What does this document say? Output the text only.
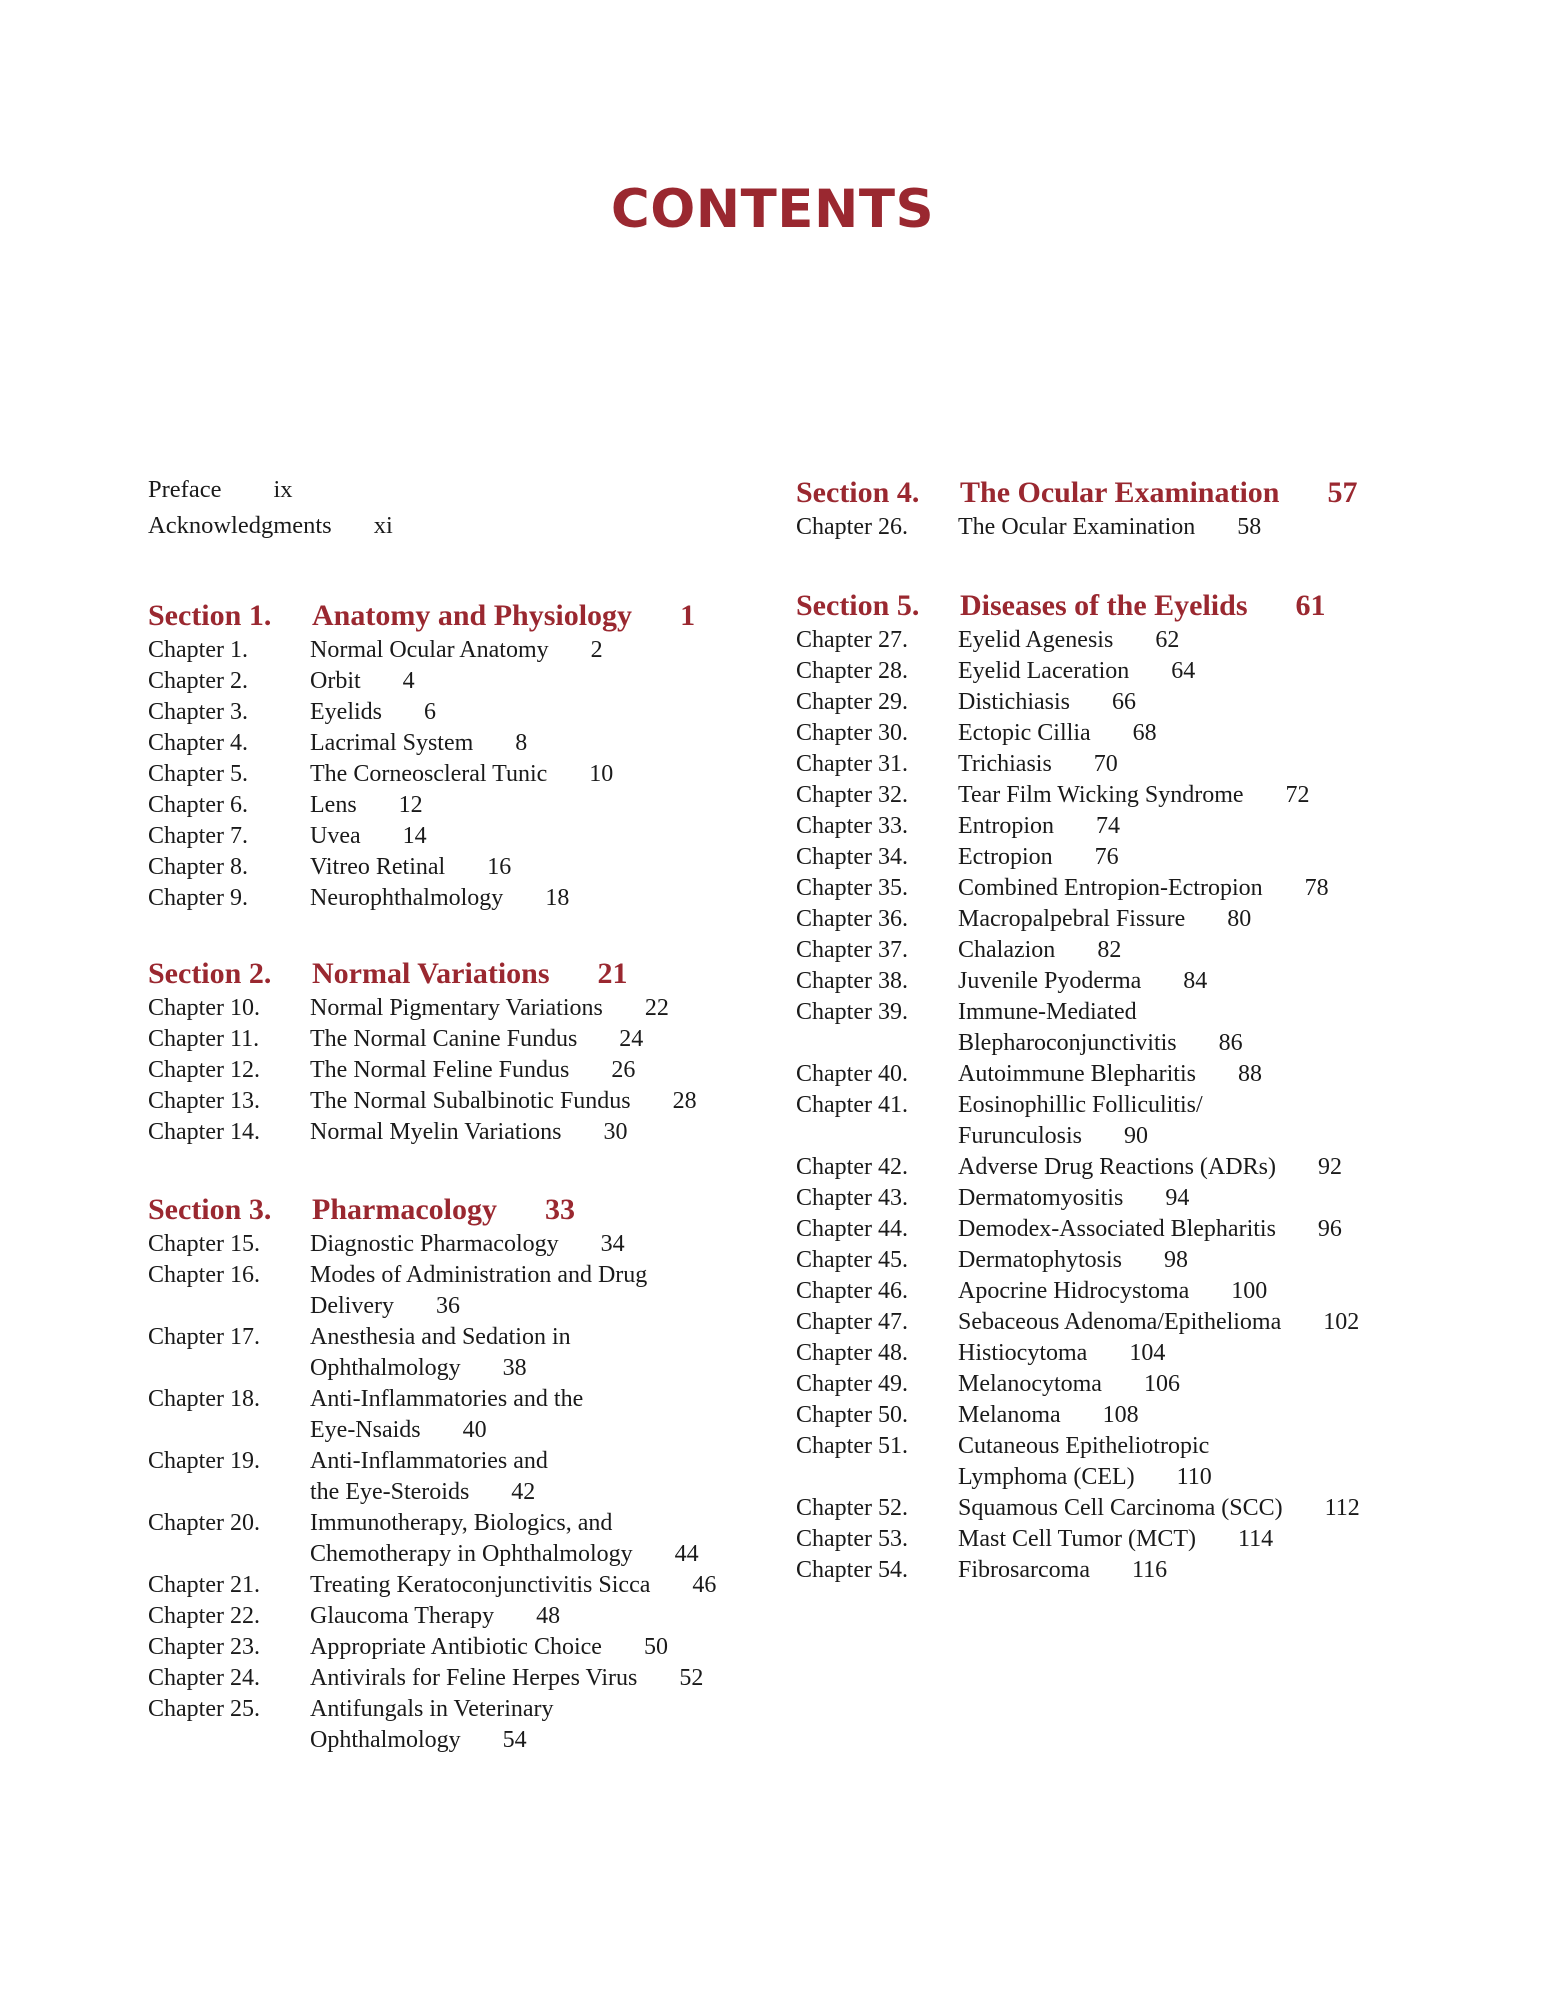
CONTENTS
Preface ix
Acknowledgments xi
Section 1. Anatomy and Physiology 1
Chapter 1.	Normal Ocular Anatomy 2
Chapter 2.	Orbit 4
Chapter 3.	Eyelids 6
Chapter 4.	Lacrimal System 8
Chapter 5.	The Corneoscleral Tunic 10
Chapter 6.	Lens 12
Chapter 7.	Uvea 14
Chapter 8.	Vitreo Retinal 16
Chapter 9.	Neurophthalmology 18
Section 2. Normal Variations 21
Chapter 10. Normal Pigmentary Variations 22
Chapter 11. The Normal Canine Fundus 24
Chapter 12. The Normal Feline Fundus 26
Chapter 13. The Normal Subalbinotic Fundus 28
Chapter 14. Normal Myelin Variations 30
Section 3. Pharmacology 33
Chapter 15. Diagnostic Pharmacology 34
Chapter 16. Modes of Administration and Drug
Delivery 36
Chapter 17. Anesthesia and Sedation in
Ophthalmology 38
Chapter 18. Anti-Inflammatories and the
Eye-Nsaids 40
Chapter 19. Anti-Inflammatories and
the Eye-Steroids 42
Chapter 20. Immunotherapy, Biologics, and
Chemotherapy in Ophthalmology 44
Chapter 21. Treating Keratoconjunctivitis Sicca 46
Chapter 22. Glaucoma Therapy 48
Chapter 23. Appropriate Antibiotic Choice 50
Chapter 24. Antivirals for Feline Herpes Virus 52
Chapter 25. Antifungals in Veterinary
Ophthalmology 54
Section 4. The Ocular Examination 57
Chapter 26. The Ocular Examination 58
Section 5. Diseases of the Eyelids 61
Chapter 27. Eyelid Agenesis 62
Chapter 28. Eyelid Laceration 64
Chapter 29. Distichiasis 66
Chapter 30. Ectopic Cillia 68
Chapter 31. Trichiasis 70
Chapter 32. Tear Film Wicking Syndrome 72
Chapter 33. Entropion 74
Chapter 34. Ectropion 76
Chapter 35. Combined Entropion-Ectropion 78
Chapter 36. Macropalpebral Fissure 80
Chapter 37. Chalazion 82
Chapter 38. Juvenile Pyoderma 84
Chapter 39. Immune-Mediated
Blepharoconjunctivitis 86
Chapter 40. Autoimmune Blepharitis 88
Chapter 41. Eosinophillic Folliculitis/
Furunculosis 90
Chapter 42. Adverse Drug Reactions (ADRs) 92
Chapter 43. Dermatomyositis 94
Chapter 44. Demodex-Associated Blepharitis 96
Chapter 45. Dermatophytosis 98
Chapter 46. Apocrine Hidrocystoma 100
Chapter 47. Sebaceous Adenoma/Epithelioma 102
Chapter 48. Histiocytoma 104
Chapter 49. Melanocytoma 106
Chapter 50. Melanoma 108
Chapter 51. Cutaneous Epitheliotropic
Lymphoma (CEL) 110
Chapter 52. Squamous Cell Carcinoma (SCC) 112
Chapter 53. Mast Cell Tumor (MCT) 114
Chapter 54. Fibrosarcoma 116
